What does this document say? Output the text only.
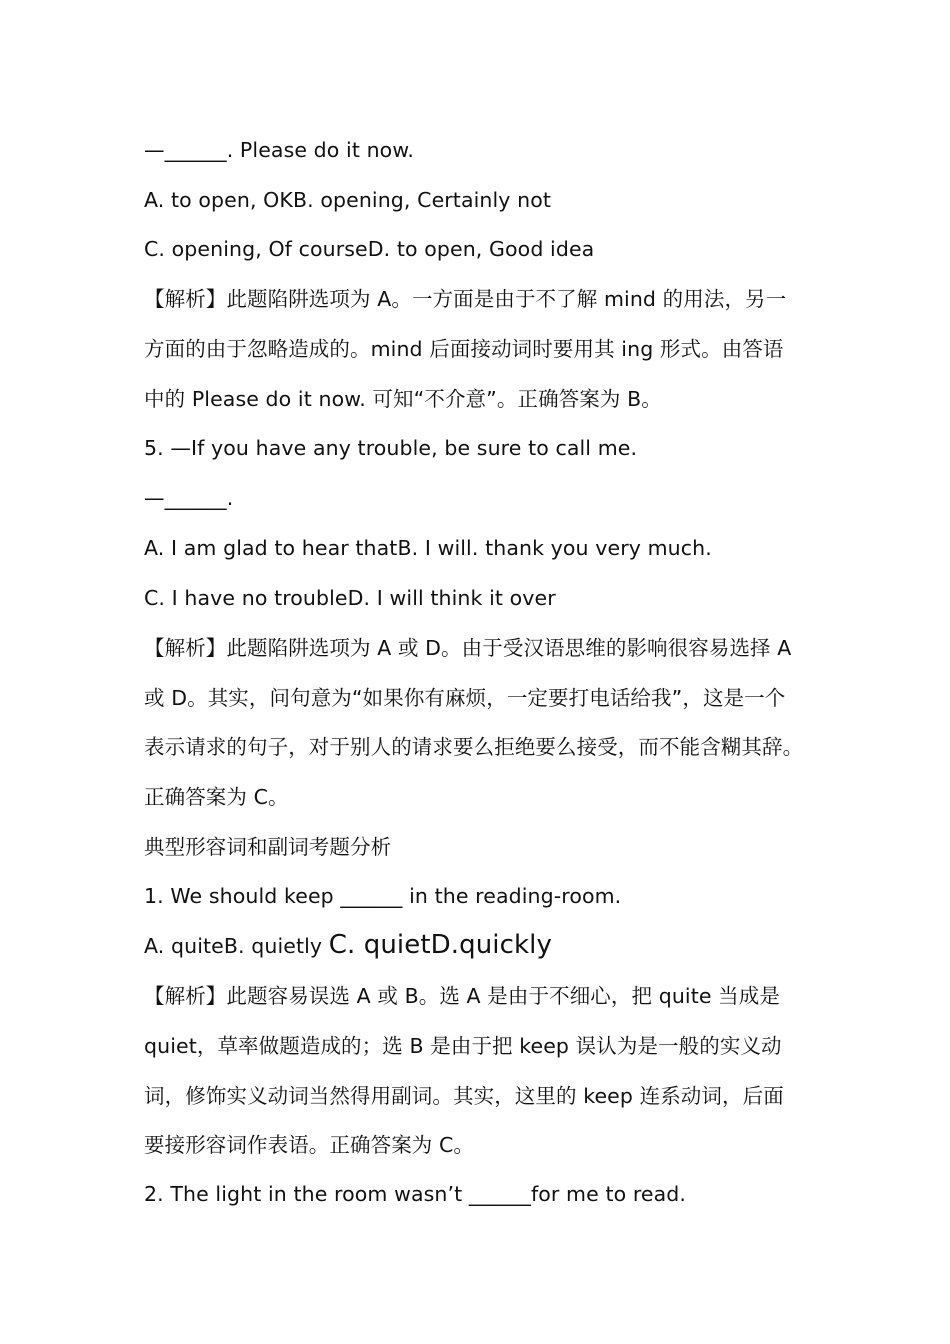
—______. Please do it now.
A. to open, OKB. opening, Certainly not
C. opening, Of courseD. to open, Good idea
【解析】此题陷阱选项为 A。一方面是由于不了解 mind 的用法，另一
方面的由于忽略造成的。mind 后面接动词时要用其 ing 形式。由答语
中的 Please do it now. 可知“不介意”。正确答案为 B。
5. —If you have any trouble, be sure to call me.
—______.
A. I am glad to hear thatB. I will. thank you very much.
C. I have no troubleD. I will think it over
【解析】此题陷阱选项为 A 或 D。由于受汉语思维的影响很容易选择 A
或 D。其实，问句意为“如果你有麻烦，一定要打电话给我”，这是一个
表示请求的句子，对于别人的请求要么拒绝要么接受，而不能含糊其辞。
正确答案为 C。
典型形容词和副词考题分析
1. We should keep ______ in the reading-room.
A. quiteB. quietly C. quietD.quickly
【解析】此题容易误选 A 或 B。选 A 是由于不细心，把 quite 当成是
quiet，草率做题造成的；选 B 是由于把 keep 误认为是一般的实义动
词，修饰实义动词当然得用副词。其实，这里的 keep 连系动词，后面
要接形容词作表语。正确答案为 C。
2. The light in the room wasn’t ______for me to read.
